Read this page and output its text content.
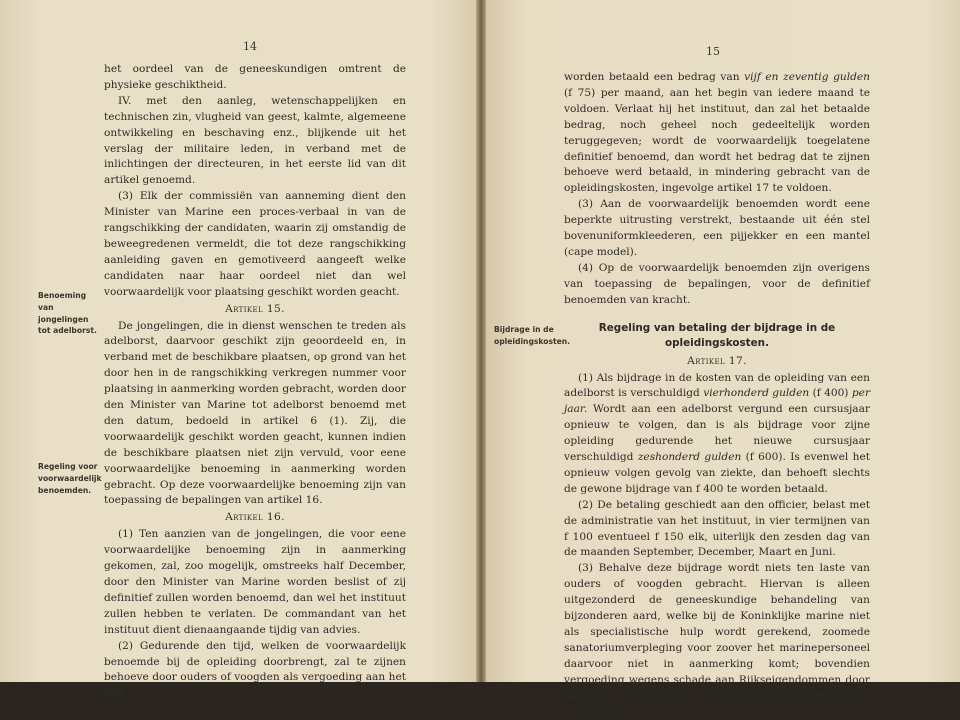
14
Benoeming van jongelingen tot adelborst.
Regeling voor voorwaardelijk benoemden.

het oordeel van de geneeskundigen omtrent de physieke geschiktheid.

IV. met den aanleg, wetenschappelijken en technischen zin, vlugheid van geest, kalmte, algemeene ontwikkeling en beschaving enz., blijkende uit het verslag der militaire leden, in verband met de inlichtingen der directeuren, in het eerste lid van dit artikel genoemd.

(3) Elk der commissiën van aanneming dient den Minister van Marine een proces-verbaal in van de rangschikking der candidaten, waarin zij omstandig de beweegredenen vermeldt, die tot deze rangschikking aanleiding gaven en gemotiveerd aangeeft welke candidaten naar haar oordeel niet dan wel voorwaardelijk voor plaatsing geschikt worden geacht.

Artikel 15.

De jongelingen, die in dienst wenschen te treden als adelborst, daarvoor geschikt zijn geoordeeld en, in verband met de beschikbare plaatsen, op grond van het door hen in de rangschikking verkregen nummer voor plaatsing in aanmerking worden gebracht, worden door den Minister van Marine tot adelborst benoemd met den datum, bedoeld in artikel 6 (1). Zij, die voorwaardelijk geschikt worden geacht, kunnen indien de beschikbare plaatsen niet zijn vervuld, voor eene voorwaardelijke benoeming in aanmerking worden gebracht. Op deze voorwaardelijke benoeming zijn van toepassing de bepalingen van artikel 16.

Artikel 16.

(1) Ten aanzien van de jongelingen, die voor eene voorwaardelijke benoeming zijn in aanmerking gekomen, zal, zoo mogelijk, omstreeks half December, door den Minister van Marine worden beslist of zij definitief zullen worden benoemd, dan wel het instituut zullen hebben te verlaten. De commandant van het instituut dient dienaangaande tijdig van advies.

(2) Gedurende den tijd, welken de voorwaardelijk benoemde bij de opleiding doorbrengt, zal te zijnen behoeve door ouders of voogden als vergoeding aan het Rijk

15
Bijdrage in de opleidingskosten.

worden betaald een bedrag van vijf en zeventig gulden (f 75) per maand, aan het begin van iedere maand te voldoen. Verlaat hij het instituut, dan zal het betaalde bedrag, noch geheel noch gedeeltelijk worden teruggegeven; wordt de voorwaardelijk toegelatene definitief benoemd, dan wordt het bedrag dat te zijnen behoeve werd betaald, in mindering gebracht van de opleidingskosten, ingevolge artikel 17 te voldoen.

(3) Aan de voorwaardelijk benoemden wordt eene beperkte uitrusting verstrekt, bestaande uit één stel bovenuniformkleederen, een pijjekker en een mantel (cape model).

(4) Op de voorwaardelijk benoemden zijn overigens van toepassing de bepalingen, voor de definitief benoemden van kracht.

Regeling van betaling der bijdrage in de opleidingskosten.
Artikel 17.

(1) Als bijdrage in de kosten van de opleiding van een adelborst is verschuldigd vierhonderd gulden (f 400) per jaar. Wordt aan een adelborst vergund een cursusjaar opnieuw te volgen, dan is als bijdrage voor zijne opleiding gedurende het nieuwe cursusjaar verschuldigd zeshonderd gulden (f 600). Is evenwel het opnieuw volgen gevolg van ziekte, dan behoeft slechts de gewone bijdrage van f 400 te worden betaald.

(2) De betaling geschiedt aan den officier, belast met de administratie van het instituut, in vier termijnen van f 100 eventueel f 150 elk, uiterlijk den zesden dag van de maanden September, December, Maart en Juni.

(3) Behalve deze bijdrage wordt niets ten laste van ouders of voogden gebracht. Hiervan is alleen uitgezonderd de geneeskundige behandeling van bijzonderen aard, welke bij de Koninklijke marine niet als specialistische hulp wordt gerekend, zoomede sanatoriumverpleging voor zoover het marinepersoneel daarvoor niet in aanmerking komt; bovendien vergoeding wegens schade aan Rijkseigendommen door moedwil of grove onachtzaamheid toegebracht (verwaar-
